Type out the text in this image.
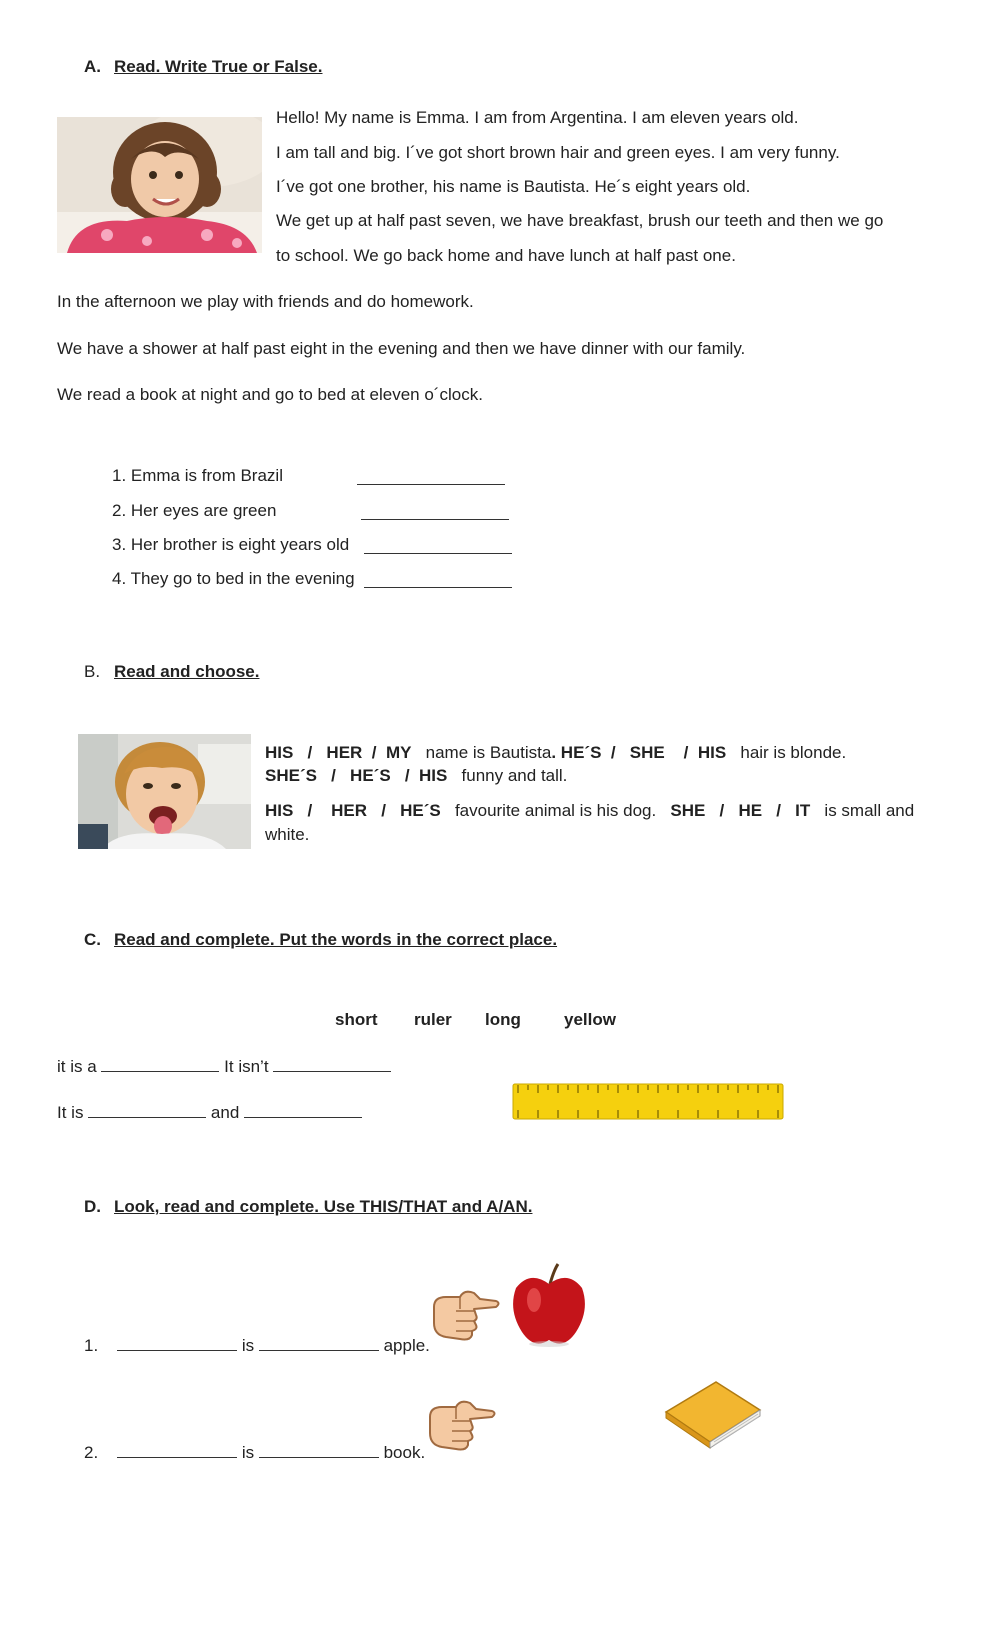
A. Read. Write True or False.
Hello! My name is Emma. I am from Argentina. I am eleven years old.
I am tall and big. I´ve got short brown hair and green eyes. I am very funny.
I´ve got one brother, his name is Bautista. He´s eight years old.
We get up at half past seven, we have breakfast, brush our teeth and then we go
to school. We go back home and have lunch at half past one.
In the afternoon we play with friends and do homework.
We have a shower at half past eight in the evening and then we have dinner with our family.
We read a book at night and go to bed at eleven o´clock.
1. Emma is from Brazil
2. Her eyes are green
3. Her brother is eight years old
4. They go to bed in the evening
B. Read and choose.
HIS / HER / MY name is Bautista. HE´S / SHE / HIS hair is blonde.
SHE´S / HE´S / HIS funny and tall.
HIS / HER / HE´S favourite animal is his dog. SHE / HE / IT is small and
white.
C. Read and complete. Put the words in the correct place.
short ruler long	yellow
it is a	It isn’t
It is	and
D. Look, read and complete. Use THIS/THAT and A/AN.
1.	is	apple.
2.	is	book.
